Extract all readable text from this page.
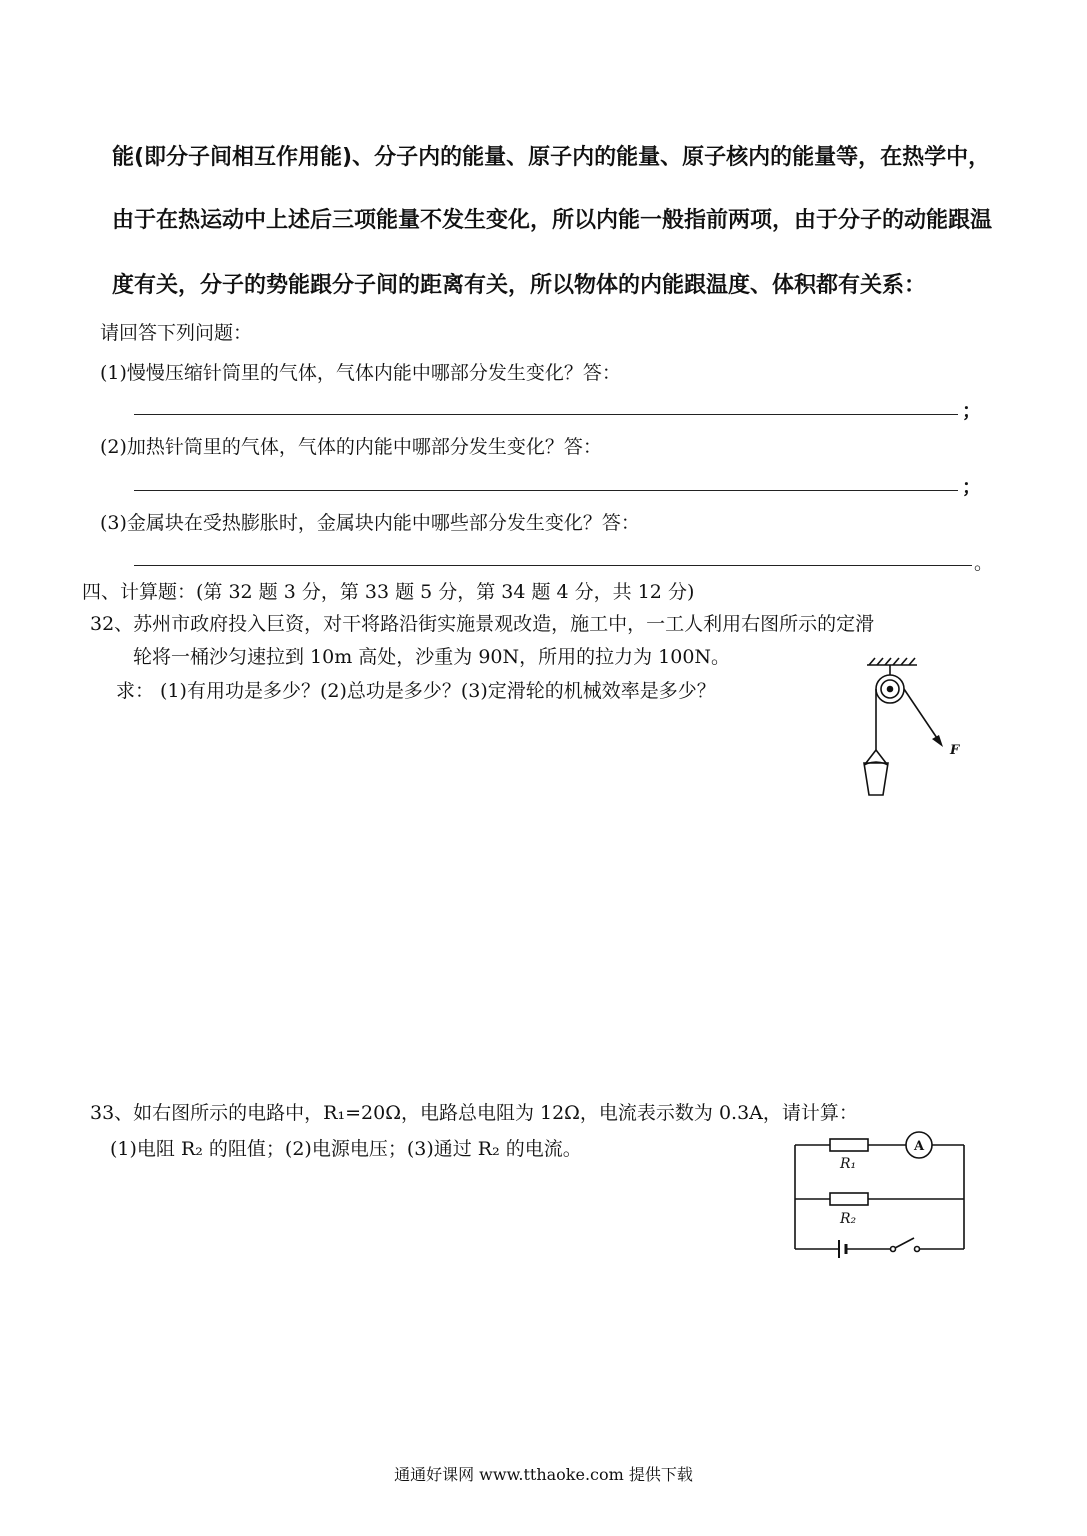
能(即分子间相互作用能)、分子内的能量、原子内的能量、原子核内的能量等，在热学中，
由于在热运动中上述后三项能量不发生变化，所以内能一般指前两项，由于分子的动能跟温
度有关，分子的势能跟分子间的距离有关，所以物体的内能跟温度、体积都有关系：
请回答下列问题：
(1)慢慢压缩针筒里的气体，气体内能中哪部分发生变化？答：
；
(2)加热针筒里的气体，气体的内能中哪部分发生变化？答：
；
(3)金属块在受热膨胀时，金属块内能中哪些部分发生变化？答：
。
四、计算题：(第 32 题 3 分，第 33 题 5 分，第 34 题 4 分，共 12 分)
32、苏州市政府投入巨资，对干将路沿街实施景观改造，施工中，一工人利用右图所示的定滑
轮将一桶沙匀速拉到 10m 高处，沙重为 90N，所用的拉力为 100N。
求： (1)有用功是多少？(2)总功是多少？(3)定滑轮的机械效率是多少？
F
33、如右图所示的电路中，R₁=20Ω，电路总电阻为 12Ω，电流表示数为 0.3A，请计算：
(1)电阻 R₂ 的阻值；(2)电源电压；(3)通过 R₂ 的电流。	A
R₁
R₂
通通好课网 www.tthaoke.com 提供下载
